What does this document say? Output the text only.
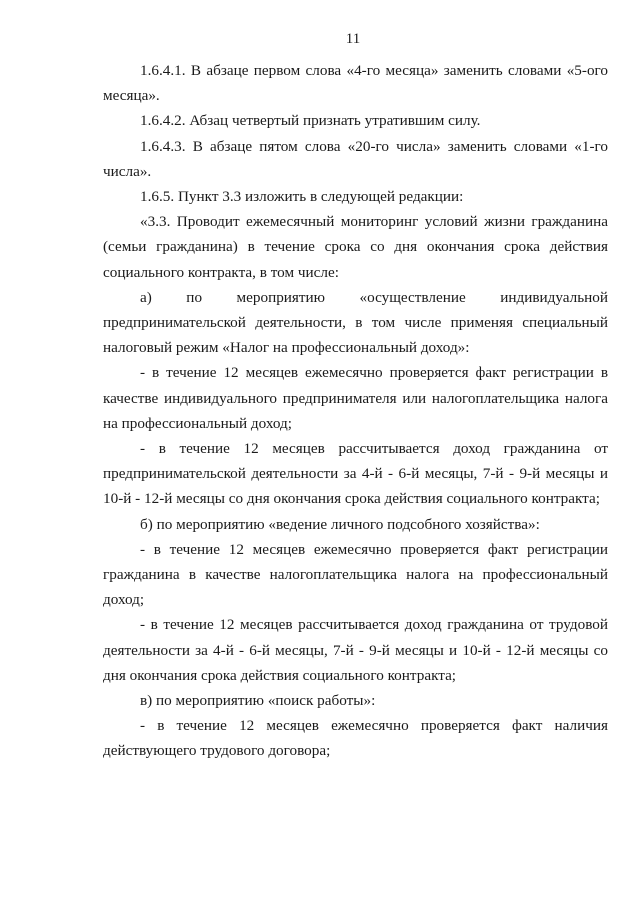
11

1.6.4.1. В абзаце первом слова «4-го месяца» заменить словами «5-ого месяца».

1.6.4.2. Абзац четвертый признать утратившим силу.

1.6.4.3. В абзаце пятом слова «20-го числа» заменить словами «1-го числа».

1.6.5. Пункт 3.3 изложить в следующей редакции:

«3.3. Проводит ежемесячный мониторинг условий жизни гражданина (семьи гражданина) в течение срока со дня окончания срока действия социального контракта, в том числе:

а) по мероприятию «осуществление индивидуальной предпринимательской деятельности, в том числе применяя специальный налоговый режим «Налог на профессиональный доход»:

- в течение 12 месяцев ежемесячно проверяется факт регистрации в качестве индивидуального предпринимателя или налогоплательщика налога на профессиональный доход;

- в течение 12 месяцев рассчитывается доход гражданина от предпринимательской деятельности за 4-й - 6-й месяцы, 7-й - 9-й месяцы и 10-й - 12-й месяцы со дня окончания срока действия социального контракта;

б) по мероприятию «ведение личного подсобного хозяйства»:

- в течение 12 месяцев ежемесячно проверяется факт регистрации гражданина в качестве налогоплательщика налога на профессиональный доход;

- в течение 12 месяцев рассчитывается доход гражданина от трудовой деятельности за 4-й - 6-й месяцы, 7-й - 9-й месяцы и 10-й - 12-й месяцы со дня окончания срока действия социального контракта;

в) по мероприятию «поиск работы»:

- в течение 12 месяцев ежемесячно проверяется факт наличия действующего трудового договора;
